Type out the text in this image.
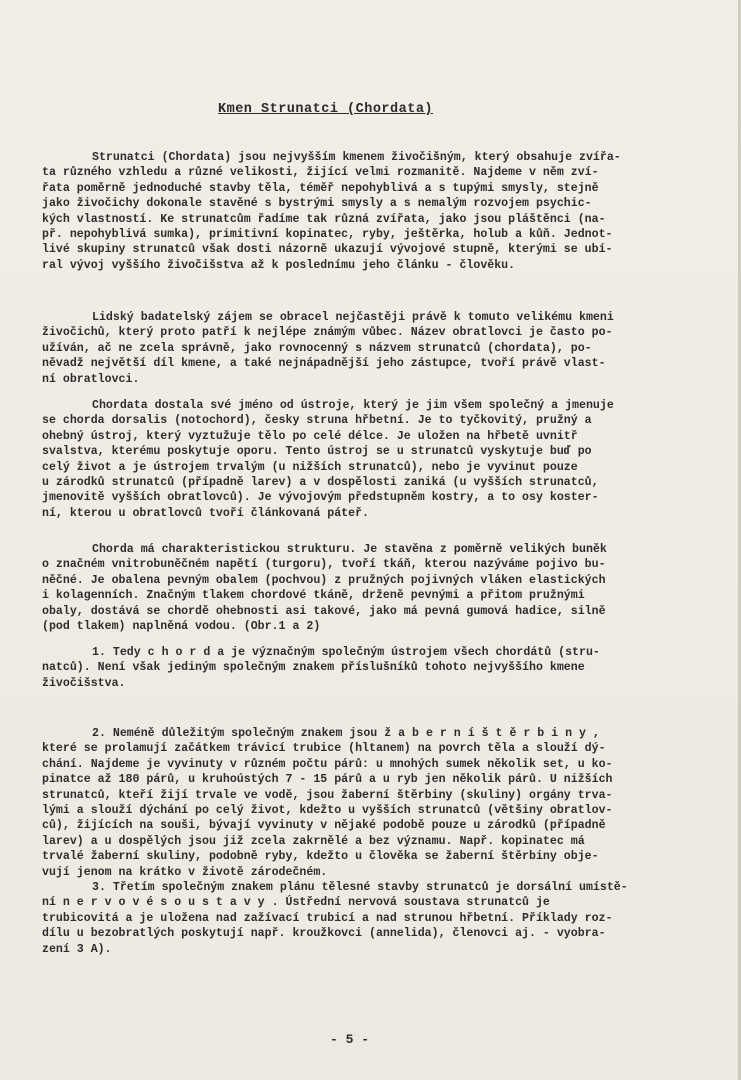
Kmen Strunatci (Chordata)
Strunatci (Chordata) jsou nejvyšším kmenem živočišným, který obsahuje zvířa-
ta různého vzhledu a různé velikosti, žijící velmi rozmanitě. Najdeme v něm zví-
řata poměrně jednoduché stavby těla, téměř nepohyblivá a s tupými smysly, stejně
jako živočichy dokonale stavěné s bystrými smysly a s nemalým rozvojem psychic-
kých vlastností. Ke strunatcům řadíme tak různá zvířata, jako jsou pláštěnci (na-
př. nepohyblivá sumka), primitivní kopinatec, ryby, ještěrka, holub a kůň. Jednot-
livé skupiny strunatců však dosti názorně ukazují vývojové stupně, kterými se ubí-
ral vývoj vyššího živočišstva až k poslednímu jeho článku - člověku.
Lidský badatelský zájem se obracel nejčastěji právě k tomuto velikému kmeni
živočichů, který proto patří k nejlépe známým vůbec. Název obratlovci je často po-
užíván, ač ne zcela správně, jako rovnocenný s názvem strunatců (chordata), po-
něvadž největší díl kmene, a také nejnápadnější jeho zástupce, tvoří právě vlast-
ní obratlovci.
Chordata dostala své jméno od ústroje, který je jim všem společný a jmenuje
se chorda dorsalis (notochord), česky struna hřbetní. Je to tyčkovitý, pružný a
ohebný ústroj, který vyztužuje tělo po celé délce. Je uložen na hřbetě uvnitř
svalstva, kterému poskytuje oporu. Tento ústroj se u strunatců vyskytuje buď po
celý život a je ústrojem trvalým (u nižších strunatců), nebo je vyvinut pouze
u zárodků strunatců (případně larev) a v dospělosti zaniká (u vyšších strunatců,
jmenovitě vyšších obratlovců). Je vývojovým předstupněm kostry, a to osy koster-
ní, kterou u obratlovců tvoří článkovaná páteř.
Chorda má charakteristickou strukturu. Je stavěna z poměrně velikých buněk
o značném vnitrobuněčném napětí (turgoru), tvoří tkáň, kterou nazýváme pojivo bu-
něčné. Je obalena pevným obalem (pochvou) z pružných pojivných vláken elastických
i kolagenních. Značným tlakem chordové tkáně, drženě pevnými a přitom pružnými
obaly, dostává se chordě ohebnosti asi takové, jako má pevná gumová hadice, silně
(pod tlakem) naplněná vodou. (Obr.1 a 2)
1. Tedy c h o r d a je význačným společným ústrojem všech chordátů (stru-
natců). Není však jediným společným znakem příslušníků tohoto nejvyššího kmene
živočišstva.
2. Neméně důležitým společným znakem jsou ž a b e r n í š t ě r b i n y ,
které se prolamují začátkem trávicí trubice (hltanem) na povrch těla a slouží dý-
chání. Najdeme je vyvinuty v různém počtu párů: u mnohých sumek několik set, u ko-
pinatce až 180 párů, u kruhoústých 7 - 15 párů a u ryb jen několik párů. U nižších
strunatců, kteří žijí trvale ve vodě, jsou žaberní štěrbiny (skuliny) orgány trva-
lými a slouží dýchání po celý život, kdežto u vyšších strunatců (většiny obratlov-
ců), žijících na souši, bývají vyvinuty v nějaké podobě pouze u zárodků (případně
larev) a u dospělých jsou již zcela zakrnělé a bez významu. Např. kopinatec má
trvalé žaberní skuliny, podobně ryby, kdežto u člověka se žaberní štěrbiny obje-
vují jenom na krátko v životě zárodečném.
3. Třetím společným znakem plánu tělesné stavby strunatců je dorsální umístě-
ní n e r v o v é s o u s t a v y . Ústřední nervová soustava strunatců je
trubicovitá a je uložena nad zažívací trubicí a nad strunou hřbetní. Příklady roz-
dílu u bezobratlých poskytují např. kroužkovci (annelida), členovci aj. - vyobra-
zení 3 A).
- 5 -
